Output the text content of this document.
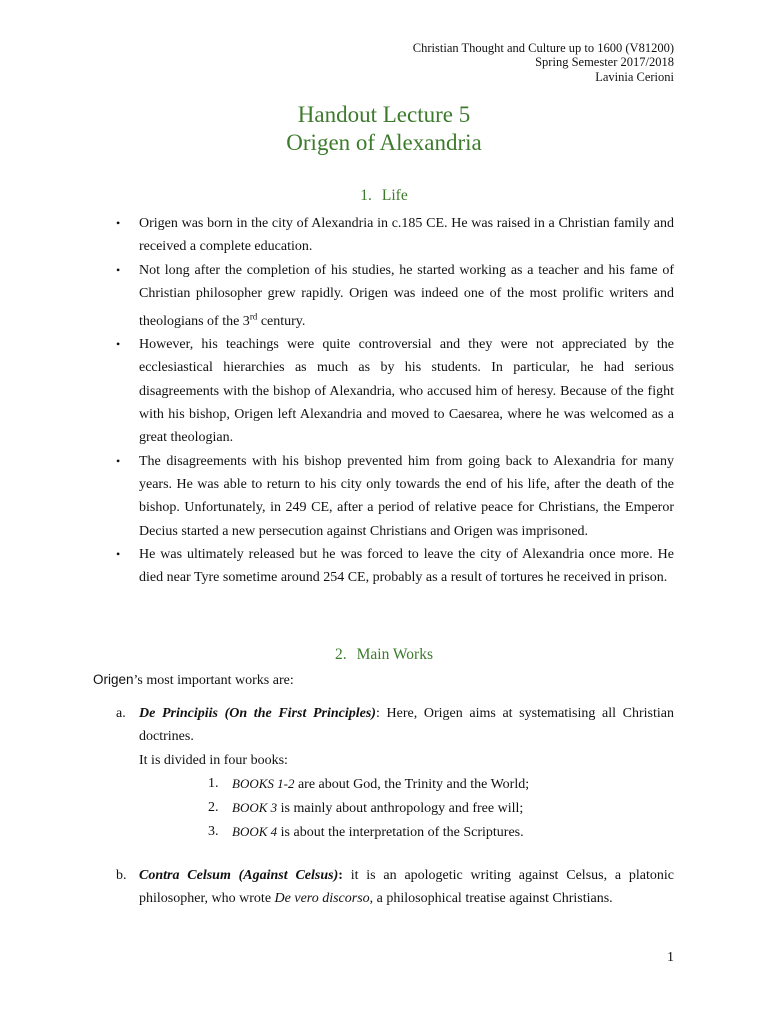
Christian Thought and Culture up to 1600 (V81200)
Spring Semester 2017/2018
Lavinia Cerioni
Handout Lecture 5
Origen of Alexandria
1. Life
• Origen was born in the city of Alexandria in c.185 CE. He was raised in a Christian family and received a complete education.
• Not long after the completion of his studies, he started working as a teacher and his fame of Christian philosopher grew rapidly. Origen was indeed one of the most prolific writers and theologians of the 3rd century.
• However, his teachings were quite controversial and they were not appreciated by the ecclesiastical hierarchies as much as by his students. In particular, he had serious disagreements with the bishop of Alexandria, who accused him of heresy. Because of the fight with his bishop, Origen left Alexandria and moved to Caesarea, where he was welcomed as a great theologian.
• The disagreements with his bishop prevented him from going back to Alexandria for many years. He was able to return to his city only towards the end of his life, after the death of the bishop. Unfortunately, in 249 CE, after a period of relative peace for Christians, the Emperor Decius started a new persecution against Christians and Origen was imprisoned.
• He was ultimately released but he was forced to leave the city of Alexandria once more. He died near Tyre sometime around 254 CE, probably as a result of tortures he received in prison.
2. Main Works
Origen’s most important works are:
a. De Principiis (On the First Principles): Here, Origen aims at systematising all Christian doctrines.
It is divided in four books:
1. BOOKS 1-2 are about God, the Trinity and the World;
2. BOOK 3 is mainly about anthropology and free will;
3. BOOK 4 is about the interpretation of the Scriptures.
b. Contra Celsum (Against Celsus): it is an apologetic writing against Celsus, a platonic philosopher, who wrote De vero discorso, a philosophical treatise against Christians.
1
